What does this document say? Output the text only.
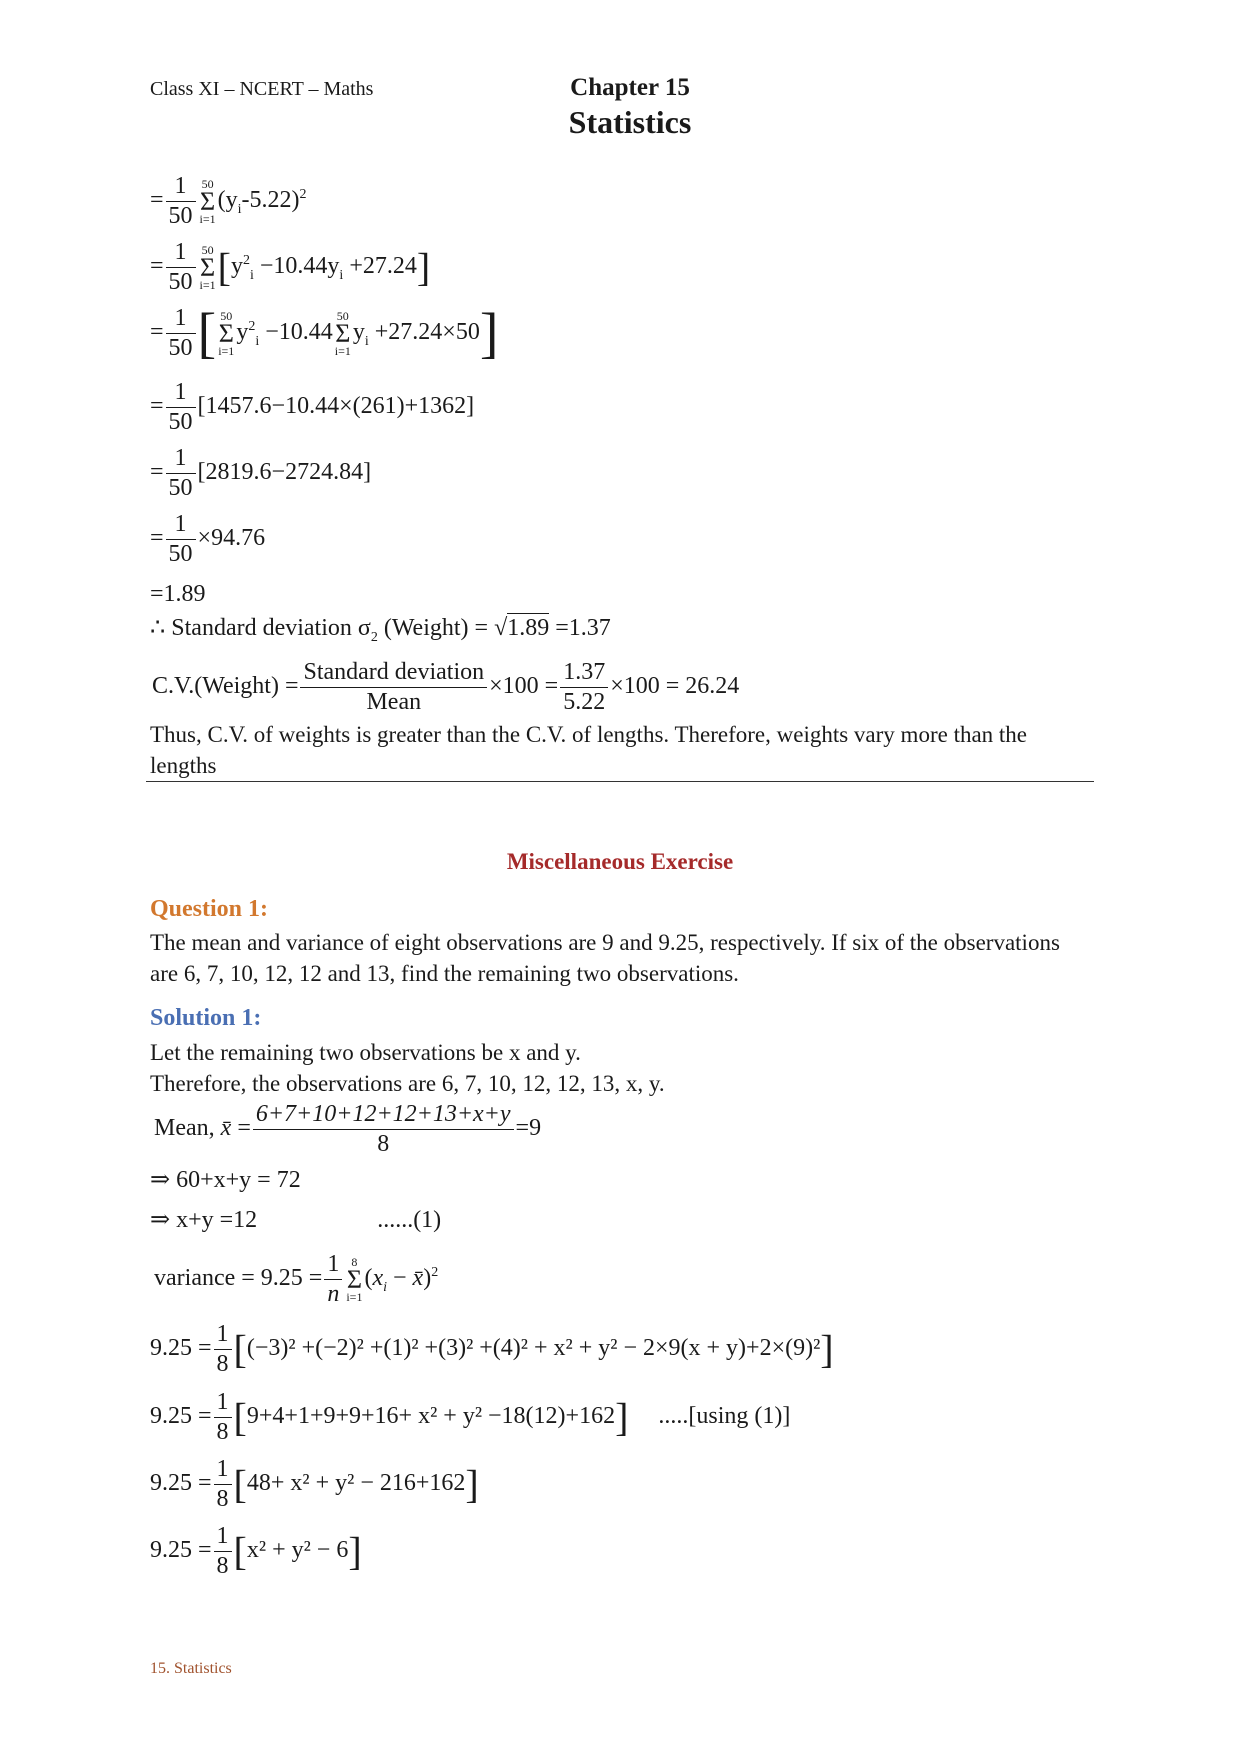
Class XI – NCERT – Maths	Chapter 15
Statistics
= $\frac{1}{50} 50$
Σ
i=1
$(y_i-5.22)^2$
= $\frac{1}{50} 50$
Σ
i=1 $[y^2_i -10.44y_i +27.24]$
= $\frac{1}{50}$ [ 50
Σ
i=1
$y^2_i -10.44$
50
Σ
i=1
$y_i +27.24\times 50$]
= $\frac{1}{50} [1457.6-10.44\times(261)+1362]$
= $\frac{1}{50} [2819.6-2724.84]$
= $\frac{1}{50} \times 94.76$
=1.89
∴ Standard deviation $\sigma_2$ (Weight) = √1.89 =1.37
C.V.(Weight) = $\frac{\text{Standard deviation}}{\text{Mean}} \times 100 = \frac{1.37}{5.22} \times 100 = 26.24$
Thus, C.V. of weights is greater than the C.V. of lengths. Therefore, weights vary more than the lengths
Miscellaneous Exercise
Question 1:
The mean and variance of eight observations are 9 and 9.25, respectively. If six of the observations are 6, 7, 10, 12, 12 and 13, find the remaining two observations.
Solution 1:
Let the remaining two observations be x and y.
Therefore, the observations are 6, 7, 10, 12, 12, 13, x, y.
Mean, x̄ = $\frac{6+7+10+12+12+13+x+y}{8} =9$
⇒ 60+x+y = 72
⇒ x+y =12	......(1)
variance = $9.25 = \frac{1}{n} 8$
Σ
i=1
($x_i$ − x̄)$^2$
$9.25 = \frac{1}{8} [(-3)^2 +(-2)^2 +(1)^2 +(3)^2 +(4)^2 + x^2 + y^2 - 2\times 9(x + y)+2\times(9)^2]$
$9.25 = \frac{1}{8} [9+4+1+9+9+16+ x^2 + y^2 -18(12)+162]$ .....[using (1)]
$9.25 = \frac{1}{8} [48+ x^2 + y^2 - 216+162]$
$9.25 = \frac{1}{8} [x^2 + y^2 - 6]$
15. Statistics
